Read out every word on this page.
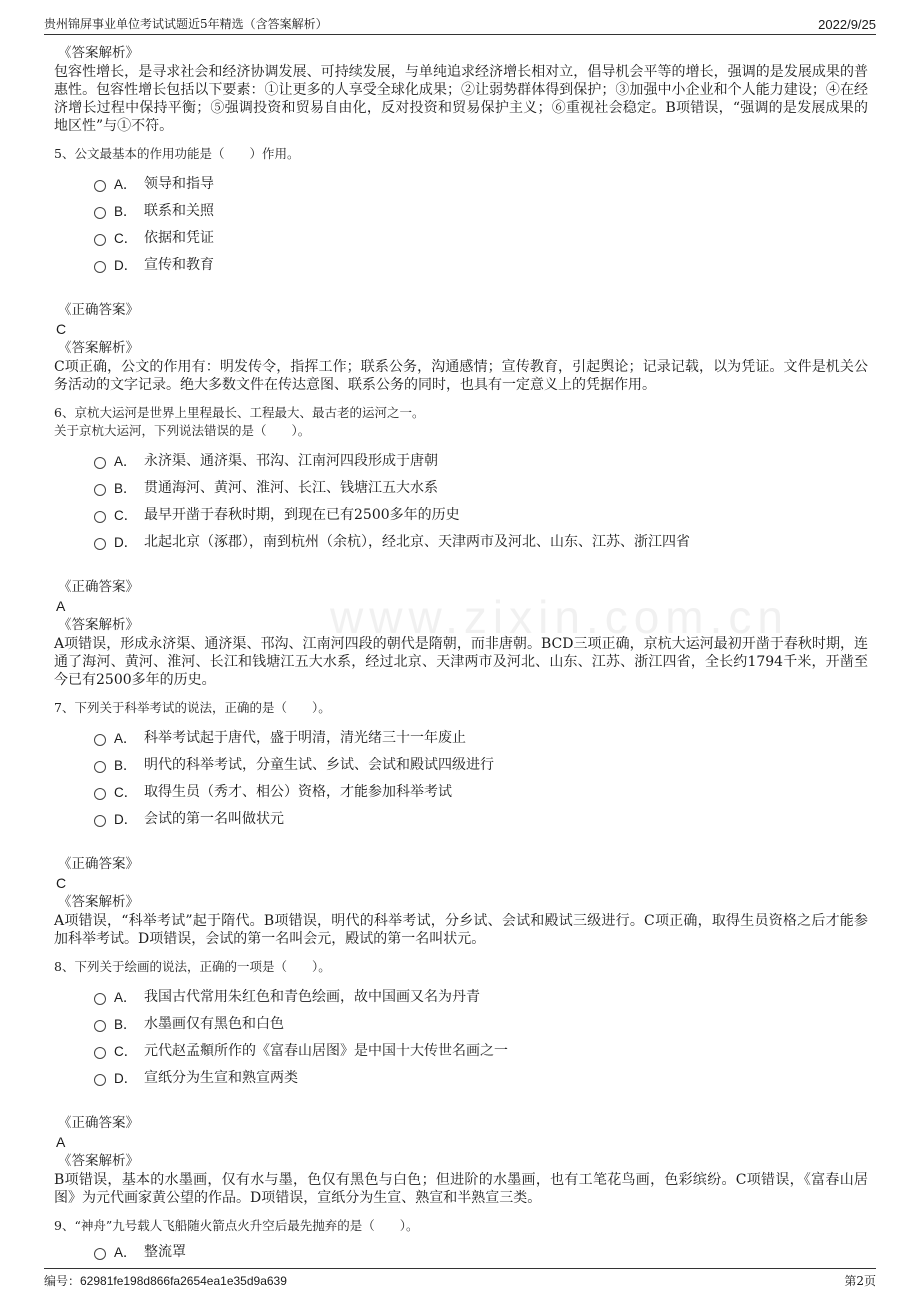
贵州锦屏事业单位考试试题近5年精选（含答案解析）	2022/9/25
www.zixin.com.cn
《答案解析》
包容性增长，是寻求社会和经济协调发展、可持续发展，与单纯追求经济增长相对立，倡导机会平等的增长，强调的是发展成果的普惠性。包容性增长包括以下要素：①让更多的人享受全球化成果；②让弱势群体得到保护；③加强中小企业和个人能力建设；④在经济增长过程中保持平衡；⑤强调投资和贸易自由化，反对投资和贸易保护主义；⑥重视社会稳定。B项错误，“强调的是发展成果的地区性”与①不符。
5、公文最基本的作用功能是（　　）作用。
A． 领导和指导
B． 联系和关照
C． 依据和凭证
D． 宣传和教育
《正确答案》
C
《答案解析》
C项正确，公文的作用有：明发传令，指挥工作；联系公务，沟通感情；宣传教育，引起舆论；记录记载，以为凭证。文件是机关公务活动的文字记录。绝大多数文件在传达意图、联系公务的同时，也具有一定意义上的凭据作用。
6、京杭大运河是世界上里程最长、工程最大、最古老的运河之一。
关于京杭大运河，下列说法错误的是（　　）。
A． 永济渠、通济渠、邗沟、江南河四段形成于唐朝
B． 贯通海河、黄河、淮河、长江、钱塘江五大水系
C． 最早开凿于春秋时期，到现在已有2500多年的历史
D． 北起北京（涿郡），南到杭州（余杭），经北京、天津两市及河北、山东、江苏、浙江四省
《正确答案》
A
《答案解析》
A项错误，形成永济渠、通济渠、邗沟、江南河四段的朝代是隋朝，而非唐朝。BCD三项正确，京杭大运河最初开凿于春秋时期，连通了海河、黄河、淮河、长江和钱塘江五大水系，经过北京、天津两市及河北、山东、江苏、浙江四省，全长约1794千米，开凿至今已有2500多年的历史。
7、下列关于科举考试的说法，正确的是（　　）。
A． 科举考试起于唐代，盛于明清，清光绪三十一年废止
B． 明代的科举考试，分童生试、乡试、会试和殿试四级进行
C． 取得生员（秀才、相公）资格，才能参加科举考试
D． 会试的第一名叫做状元
《正确答案》
C
《答案解析》
A项错误，“科举考试”起于隋代。B项错误，明代的科举考试，分乡试、会试和殿试三级进行。C项正确，取得生员资格之后才能参加科举考试。D项错误，会试的第一名叫会元，殿试的第一名叫状元。
8、下列关于绘画的说法，正确的一项是（　　）。
A． 我国古代常用朱红色和青色绘画，故中国画又名为丹青
B． 水墨画仅有黑色和白色
C． 元代赵孟頫所作的《富春山居图》是中国十大传世名画之一
D． 宣纸分为生宣和熟宣两类
《正确答案》
A
《答案解析》
B项错误，基本的水墨画，仅有水与墨，色仅有黑色与白色；但进阶的水墨画，也有工笔花鸟画，色彩缤纷。C项错误，《富春山居图》为元代画家黄公望的作品。D项错误，宣纸分为生宣、熟宣和半熟宣三类。
9、“神舟”九号载人飞船随火箭点火升空后最先抛弃的是（　　）。
A． 整流罩
编号：62981fe198d866fa2654ea1e35d9a639	第2页
